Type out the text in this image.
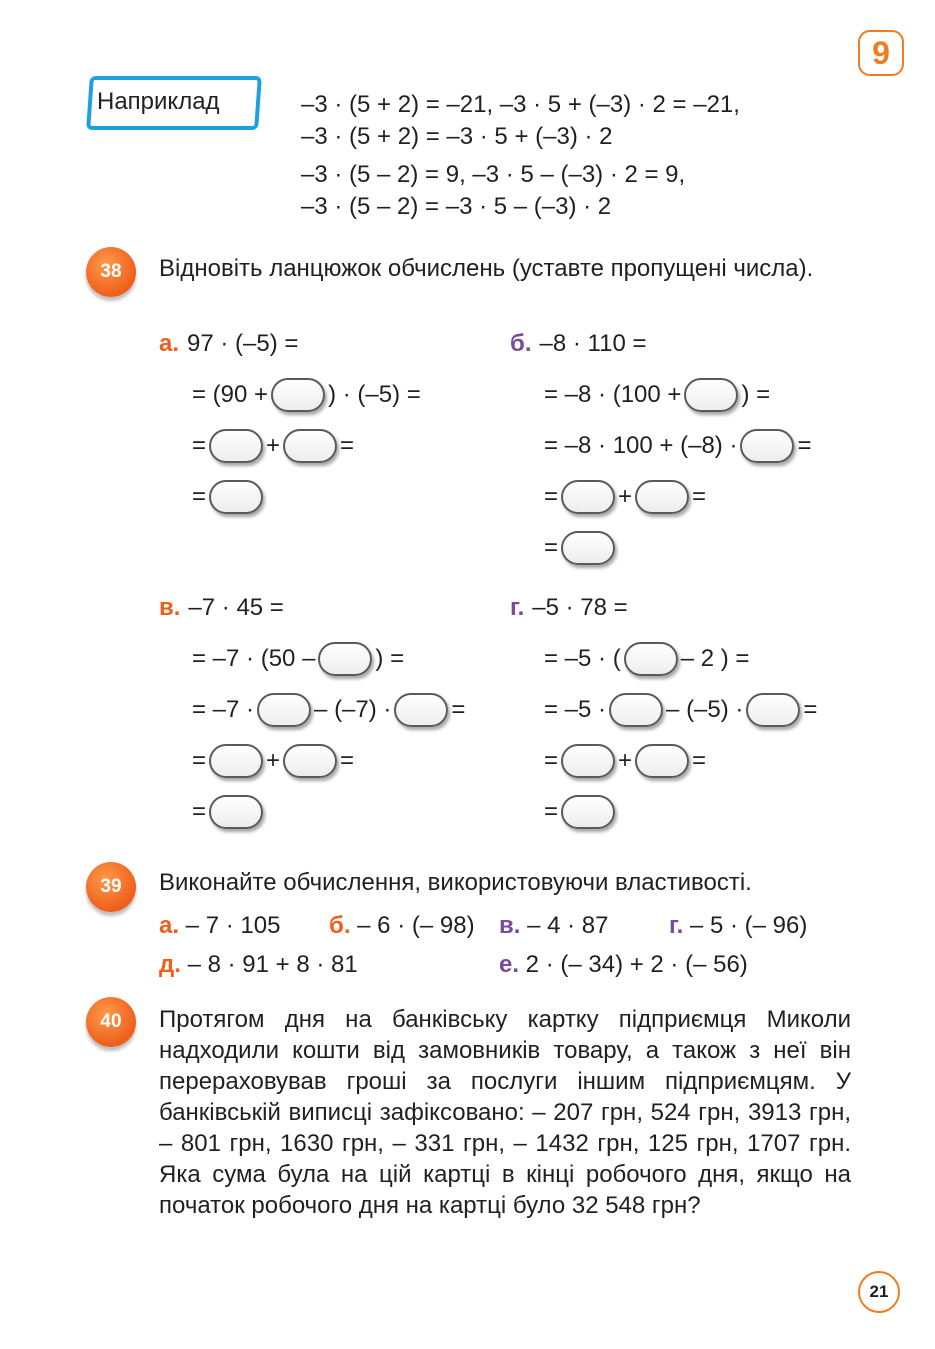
9
Наприклад	–3 · (5 + 2) = –21, –3 · 5 + (–3) · 2 = –21,
–3 · (5 + 2) = –3 · 5 + (–3) · 2
–3 · (5 – 2) = 9, –3 · 5 – (–3) · 2 = 9,
–3 · (5 – 2) = –3 · 5 – (–3) · 2
38	Відновіть ланцюжок обчислень (уставте пропущені числа).
а. 97 · (–5) =
= (90 +	) · (–5) =
=	+	=
=
б. –8 · 110 =
= –8 · (100 +	) =
= –8 · 100 + (–8) ·	=
=	+	=
=
в. –7 · 45 =
= –7 · (50 –	) =
= –7 ·	– (–7) ·	=
=	+	=
=
г. –5 · 78 =
= –5 · (	– 2 ) =
= –5 ·	– (–5) ·	=
=	+	=
=
39	Виконайте обчислення, використовуючи властивості.
а. – 7 · 105 б. – 6 · (– 98) в. – 4 · 87	г. – 5 · (– 96)
д. – 8 · 91 + 8 · 81	е. 2 · (– 34) + 2 · (– 56)
40	Протягом дня на банківську картку підприємця Миколи надходили кошти від замовників товару, а також з неї він перераховував гроші за послуги іншим підприємцям. У банківській виписці зафіксовано: – 207 грн, 524 грн, 3913 грн, – 801 грн, 1630 грн, – 331 грн, – 1432 грн, 125 грн, 1707 грн. Яка сума була на цій картці в кінці робочого дня, якщо на початок робочого дня на картці було 32 548 грн?
21
